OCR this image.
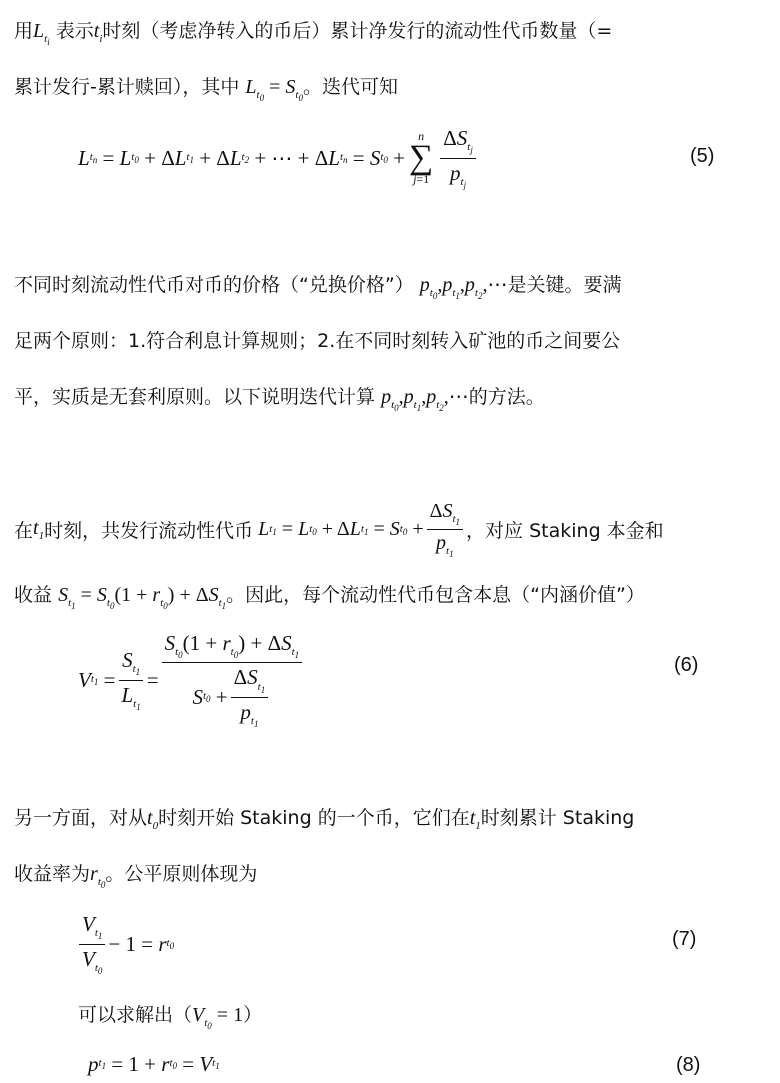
用$L_{t_i}$ 表示$t_i$时刻（考虑净转入的币后）累计净发行的流动性代币数量（=
累计发行-累计赎回），其中 $L_{t_0} = S_{t_0}$。迭代可知
L $t_n$
= L $t_0$
+
Δ L $t_1$
+
Δ L $t_2$
+ ⋯ +
Δ L $t_n$
= S $t_0$
+
n
∑
$j=1 \frac{\Delta S_{t_j}}{p_{t_j}}$	(5)
不同时刻流动性代币对币的价格（“兑换价格”） $p_{t_0},p_{t_1},p_{t_2},\cdots$是关键。要满
足两个原则：1.符合利息计算规则；2.在不同时刻转入矿池的币之间要公
平，实质是无套利原则。以下说明迭代计算 $p_{t_0},p_{t_1},p_{t_2},\cdots$的方法。
在 $t_1$ 时刻，共发行流动性代币 L $t_1$
= L $t_0$
+ Δ L $t_1$
= S $t_0$
+ $\frac{\Delta S_{t_1}}{p_{t_1}}$ ，对应 Staking 本金和
收益 $S_{t_1} = S_{t_0}(1 + r_{t_0}) + \Delta S_{t_1}$。因此，每个流动性代币包含本息（“内涵价值”）
V $t_1$
= $\frac{S_{t_1}}{L_{t_1}} = S_{t_0}(1 + r_{t_0}) + \Delta S_{t_1}$
S $t_0$
+ $\frac{\Delta S_{t_1}}{p_{t_1}}$	(6)
另一方面，对从$t_0$时刻开始 Staking 的一个币，它们在$t_1$时刻累计 Staking
收益率为$r_{t_0}$。公平原则体现为
$\frac{V_{t_1}}{V_{t_0}} - 1 = r$ $t_0$	(7)
可以求解出$(V_{t_0} = 1)$
p $t_1$
= 1 + r $t_0$
= V $t_1$	(8)
